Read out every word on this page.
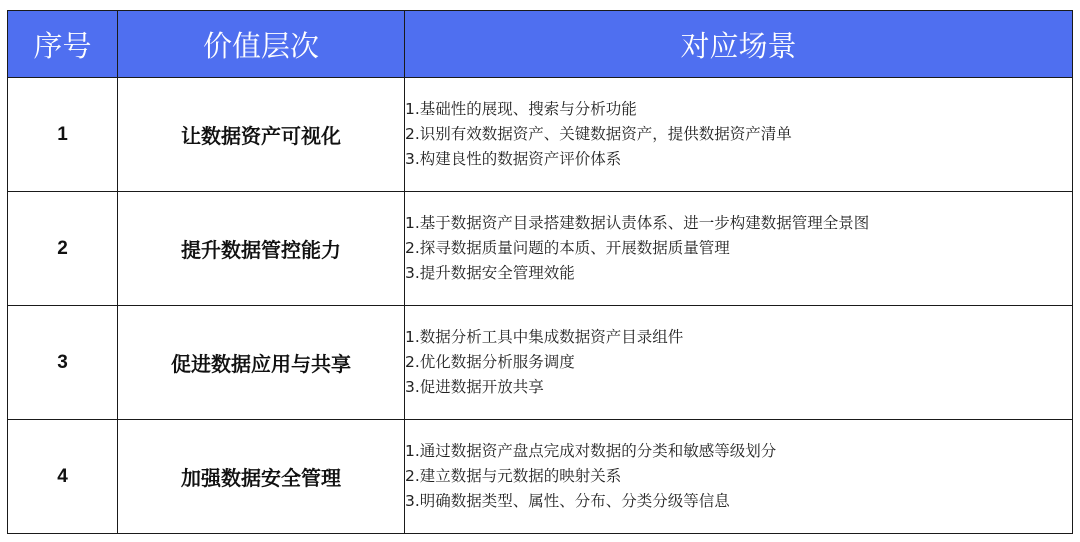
序号	价值层次	对应场景
1	让数据资产可视化	1.基础性的展现、搜索与分析功能
2.识别有效数据资产、关键数据资产，提供数据资产清单
3.构建良性的数据资产评价体系

2	提升数据管控能力	1.基于数据资产目录搭建数据认责体系、进一步构建数据管理全景图
2.探寻数据质量问题的本质、开展数据质量管理
3.提升数据安全管理效能

3	促进数据应用与共享	1.数据分析工具中集成数据资产目录组件
2.优化数据分析服务调度
3.促进数据开放共享

4	加强数据安全管理	1.通过数据资产盘点完成对数据的分类和敏感等级划分
2.建立数据与元数据的映射关系
3.明确数据类型、属性、分布、分类分级等信息
